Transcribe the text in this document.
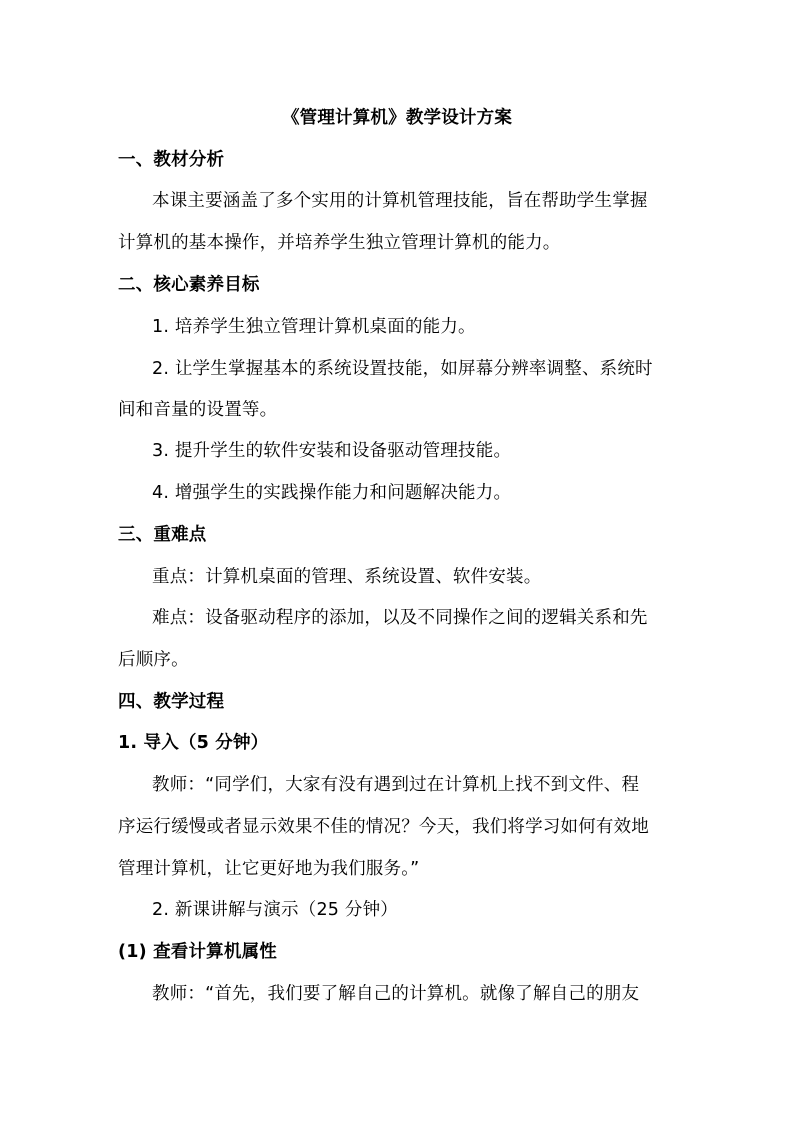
《管理计算机》教学设计方案
一、教材分析
本课主要涵盖了多个实用的计算机管理技能，旨在帮助学生掌握
计算机的基本操作，并培养学生独立管理计算机的能力。
二、核心素养目标
1. 培养学生独立管理计算机桌面的能力。
2. 让学生掌握基本的系统设置技能，如屏幕分辨率调整、系统时
间和音量的设置等。
3. 提升学生的软件安装和设备驱动管理技能。
4. 增强学生的实践操作能力和问题解决能力。
三、重难点
重点：计算机桌面的管理、系统设置、软件安装。
难点：设备驱动程序的添加，以及不同操作之间的逻辑关系和先
后顺序。
四、教学过程
1. 导入（5 分钟）
教师：“同学们，大家有没有遇到过在计算机上找不到文件、程
序运行缓慢或者显示效果不佳的情况？今天，我们将学习如何有效地
管理计算机，让它更好地为我们服务。”
2. 新课讲解与演示（25 分钟）
(1) 查看计算机属性
教师：“首先，我们要了解自己的计算机。就像了解自己的朋友
